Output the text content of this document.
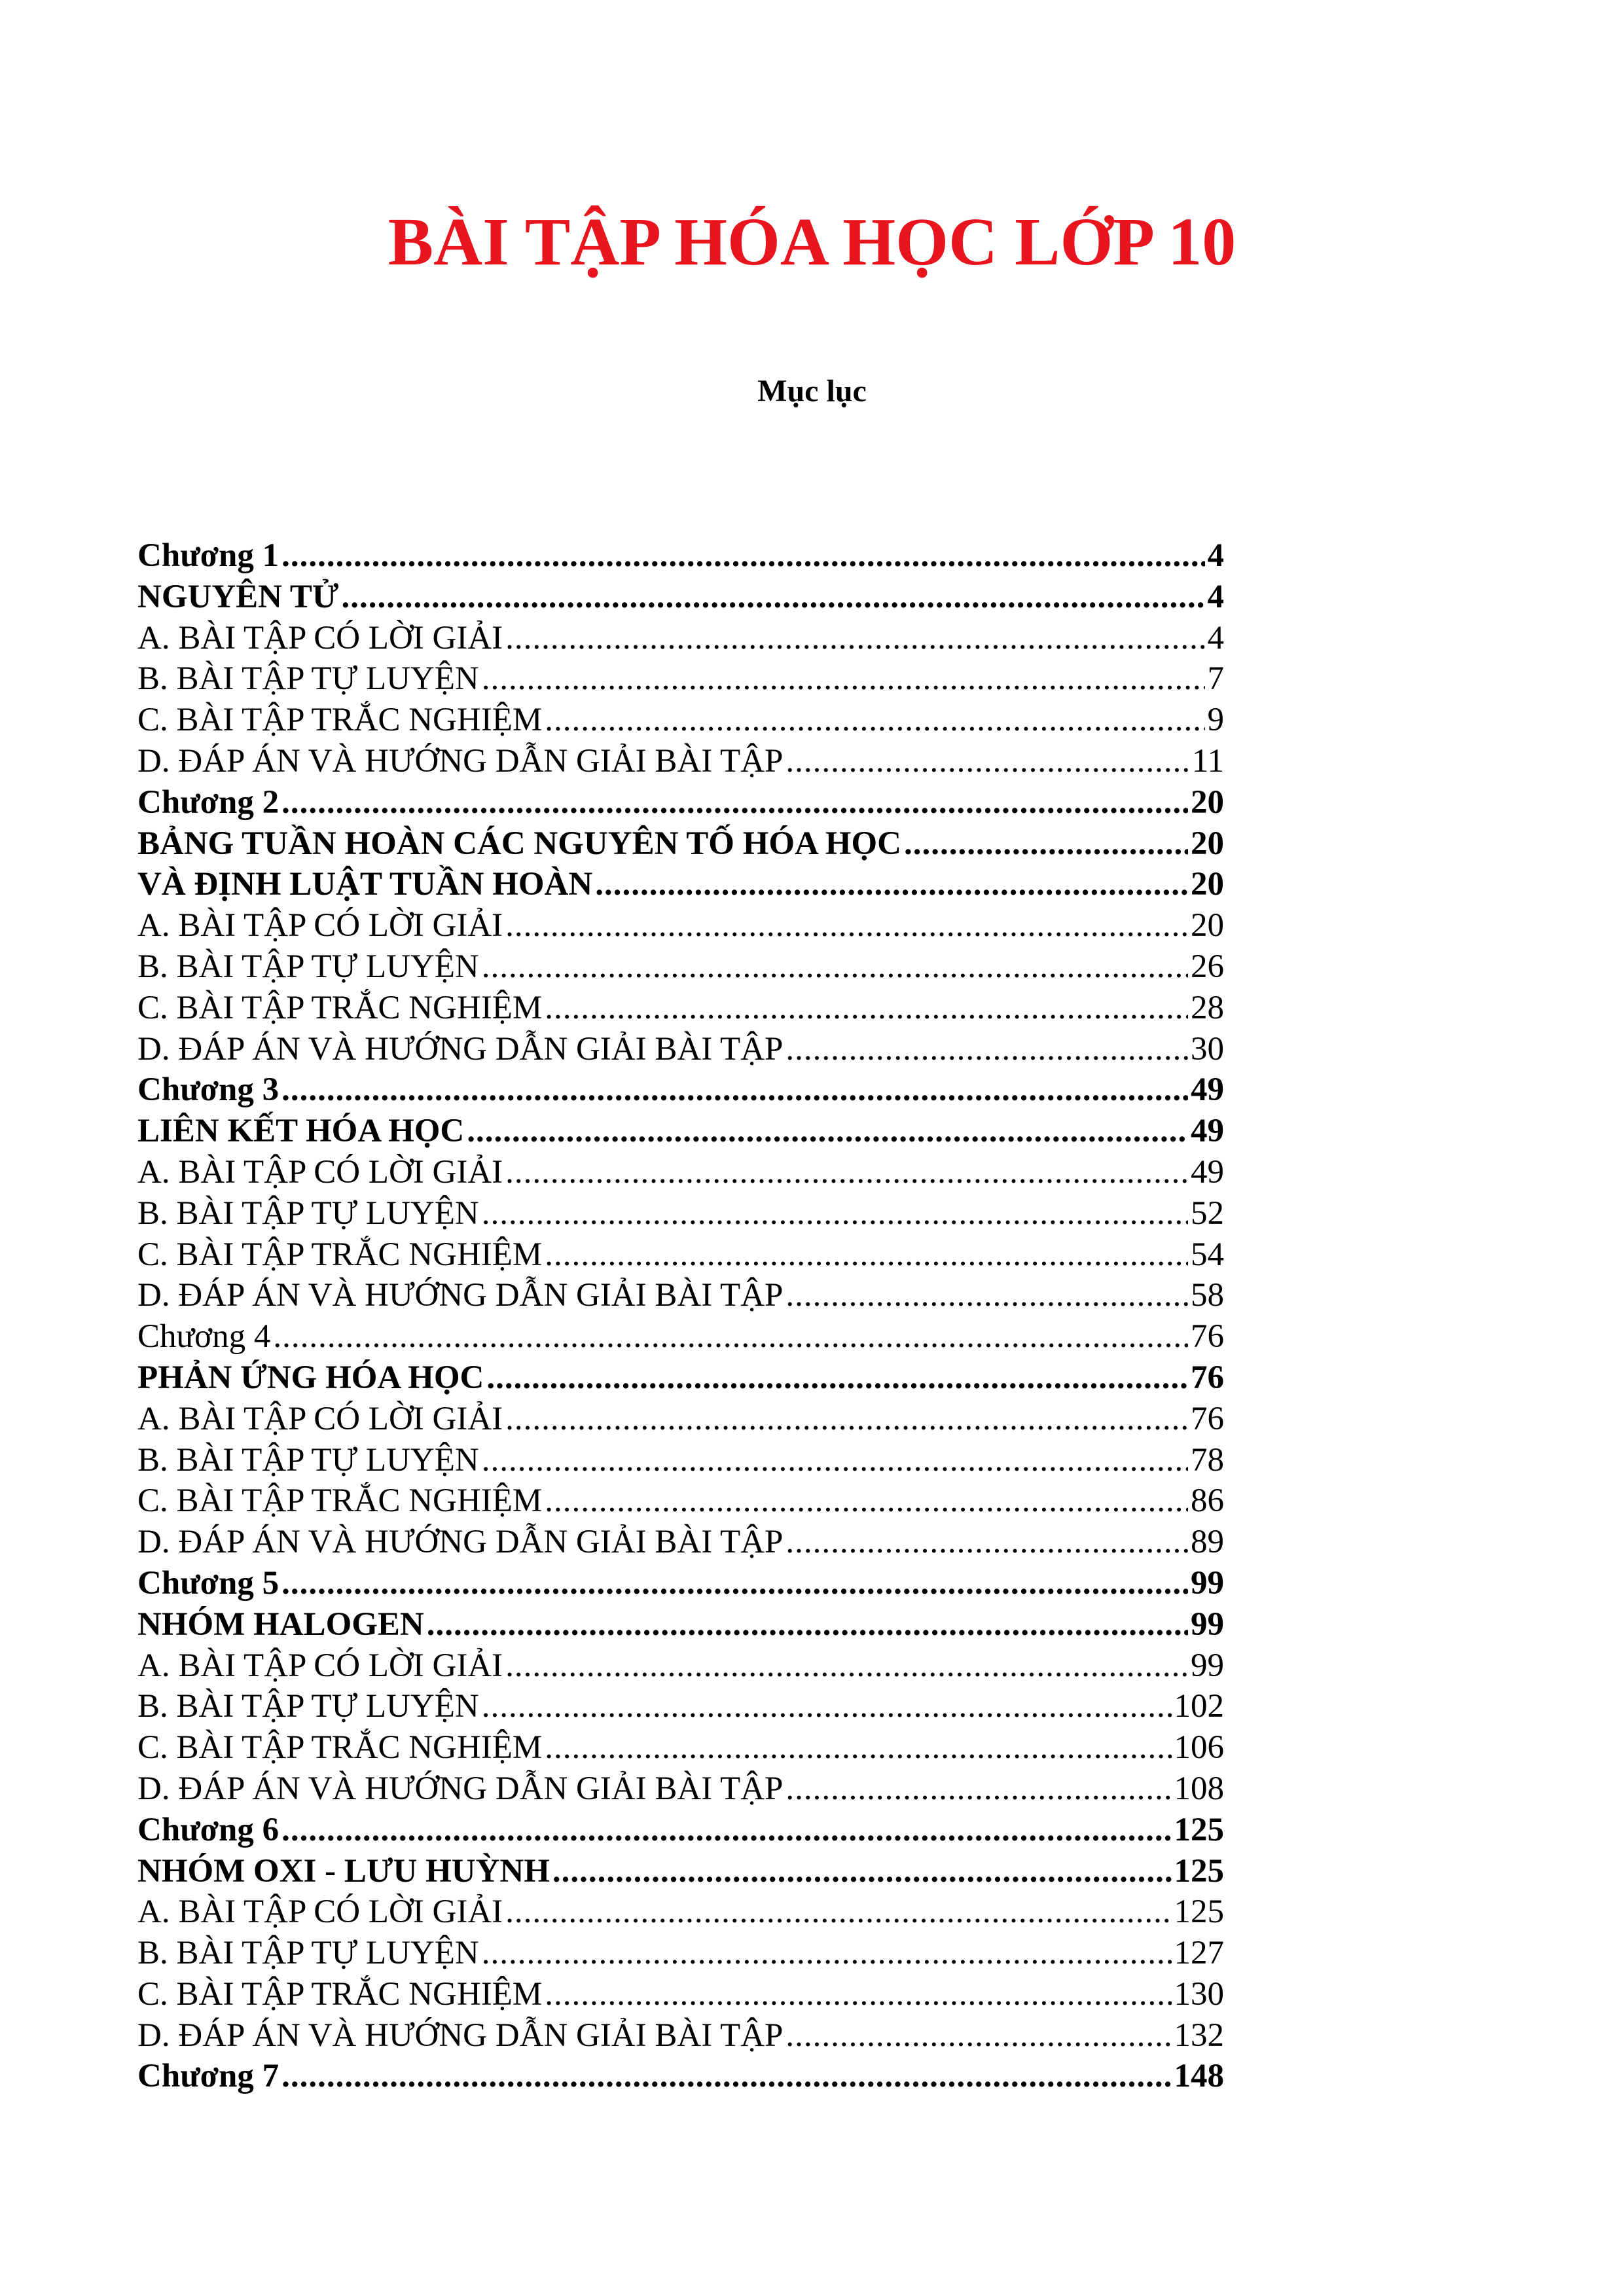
BÀI TẬP HÓA HỌC LỚP 10
Mục lục
Chương 1 .....	4
NGUYÊN TỬ .....	4
A. BÀI TẬP CÓ LỜI GIẢI .....	4
B. BÀI TẬP TỰ LUYỆN .....	7
C. BÀI TẬP TRẮC NGHIỆM .....	9
D. ĐÁP ÁN VÀ HƯỚNG DẪN GIẢI BÀI TẬP .....	11
Chương 2 .....	20
BẢNG TUẦN HOÀN CÁC NGUYÊN TỐ HÓA HỌC .....	20
VÀ ĐỊNH LUẬT TUẦN HOÀN .....	20
A. BÀI TẬP CÓ LỜI GIẢI .....	20
B. BÀI TẬP TỰ LUYỆN .....	26
C. BÀI TẬP TRẮC NGHIỆM .....	28
D. ĐÁP ÁN VÀ HƯỚNG DẪN GIẢI BÀI TẬP .....	30
Chương 3 .....	49
LIÊN KẾT HÓA HỌC .....	49
A. BÀI TẬP CÓ LỜI GIẢI .....	49
B. BÀI TẬP TỰ LUYỆN .....	52
C. BÀI TẬP TRẮC NGHIỆM .....	54
D. ĐÁP ÁN VÀ HƯỚNG DẪN GIẢI BÀI TẬP .....	58
Chương 4 .....	76
PHẢN ỨNG HÓA HỌC .....	76
A. BÀI TẬP CÓ LỜI GIẢI .....	76
B. BÀI TẬP TỰ LUYỆN .....	78
C. BÀI TẬP TRẮC NGHIỆM .....	86
D. ĐÁP ÁN VÀ HƯỚNG DẪN GIẢI BÀI TẬP .....	89
Chương 5 .....	99
NHÓM HALOGEN .....	99
A. BÀI TẬP CÓ LỜI GIẢI .....	99
B. BÀI TẬP TỰ LUYỆN .....	102
C. BÀI TẬP TRẮC NGHIỆM .....	106
D. ĐÁP ÁN VÀ HƯỚNG DẪN GIẢI BÀI TẬP .....	108
Chương 6 .....	125
NHÓM OXI - LƯU HUỲNH .....	125
A. BÀI TẬP CÓ LỜI GIẢI .....	125
B. BÀI TẬP TỰ LUYỆN .....	127
C. BÀI TẬP TRẮC NGHIỆM .....	130
D. ĐÁP ÁN VÀ HƯỚNG DẪN GIẢI BÀI TẬP .....	132
Chương 7 .....	148
